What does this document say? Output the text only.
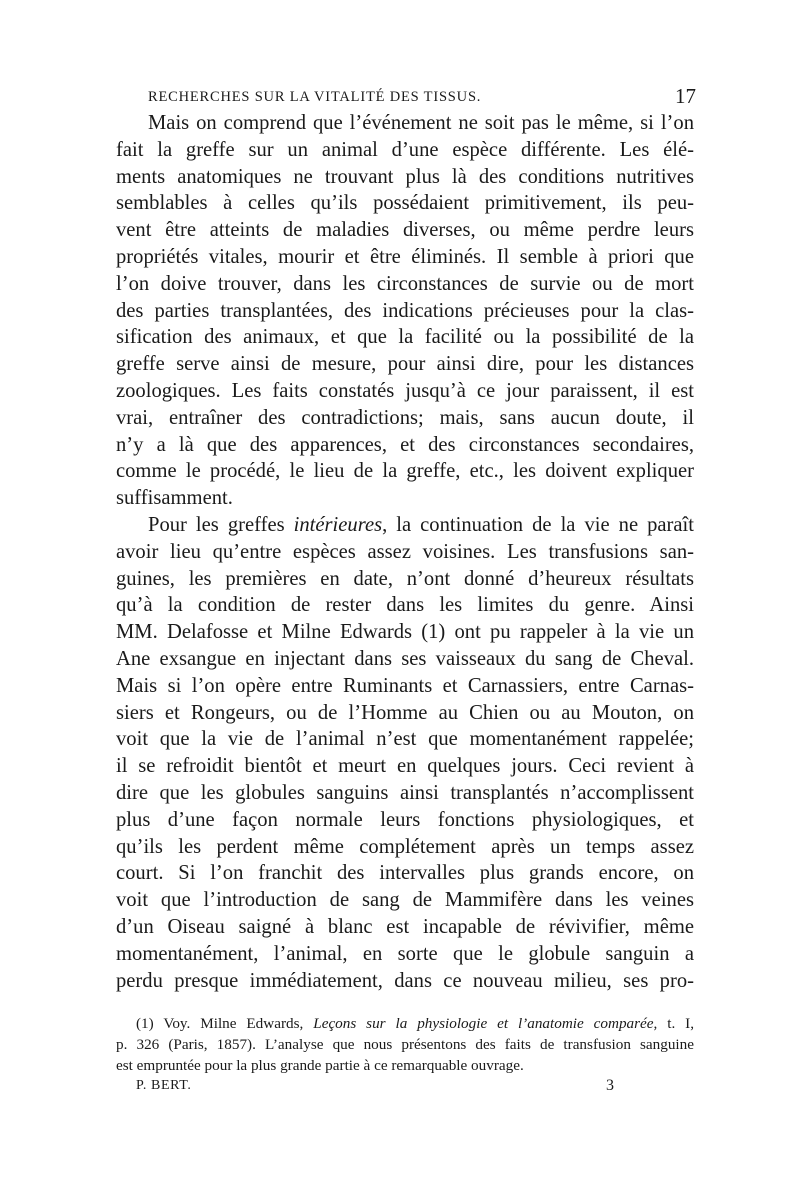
RECHERCHES SUR LA VITALITÉ DES TISSUS.	17

Mais on comprend que l’événement ne soit pas le même, si l’on

fait la greffe sur un animal d’une espèce différente. Les élé-

ments anatomiques ne trouvant plus là des conditions nutritives

semblables à celles qu’ils possédaient primitivement, ils peu-

vent être atteints de maladies diverses, ou même perdre leurs

propriétés vitales, mourir et être éliminés. Il semble à priori que

l’on doive trouver, dans les circonstances de survie ou de mort

des parties transplantées, des indications précieuses pour la clas-

sification des animaux, et que la facilité ou la possibilité de la

greffe serve ainsi de mesure, pour ainsi dire, pour les distances

zoologiques. Les faits constatés jusqu’à ce jour paraissent, il est

vrai, entraîner des contradictions; mais, sans aucun doute, il

n’y a là que des apparences, et des circonstances secondaires,

comme le procédé, le lieu de la greffe, etc., les doivent expliquer

suffisamment.

Pour les greffes intérieures, la continuation de la vie ne paraît

avoir lieu qu’entre espèces assez voisines. Les transfusions san-

guines, les premières en date, n’ont donné d’heureux résultats

qu’à la condition de rester dans les limites du genre. Ainsi

MM. Delafosse et Milne Edwards (1) ont pu rappeler à la vie un

Ane exsangue en injectant dans ses vaisseaux du sang de Cheval.

Mais si l’on opère entre Ruminants et Carnassiers, entre Carnas-

siers et Rongeurs, ou de l’Homme au Chien ou au Mouton, on

voit que la vie de l’animal n’est que momentanément rappelée;

il se refroidit bientôt et meurt en quelques jours. Ceci revient à

dire que les globules sanguins ainsi transplantés n’accomplissent

plus d’une façon normale leurs fonctions physiologiques, et

qu’ils les perdent même complétement après un temps assez

court. Si l’on franchit des intervalles plus grands encore, on

voit que l’introduction de sang de Mammifère dans les veines

d’un Oiseau saigné à blanc est incapable de révivifier, même

momentanément, l’animal, en sorte que le globule sanguin a

perdu presque immédiatement, dans ce nouveau milieu, ses pro-

(1) Voy. Milne Edwards, Leçons sur la physiologie et l’anatomie comparée, t. I,

p. 326 (Paris, 1857). L’analyse que nous présentons des faits de transfusion sanguine

est empruntée pour la plus grande partie à ce remarquable ouvrage.

P. BERT.	3
